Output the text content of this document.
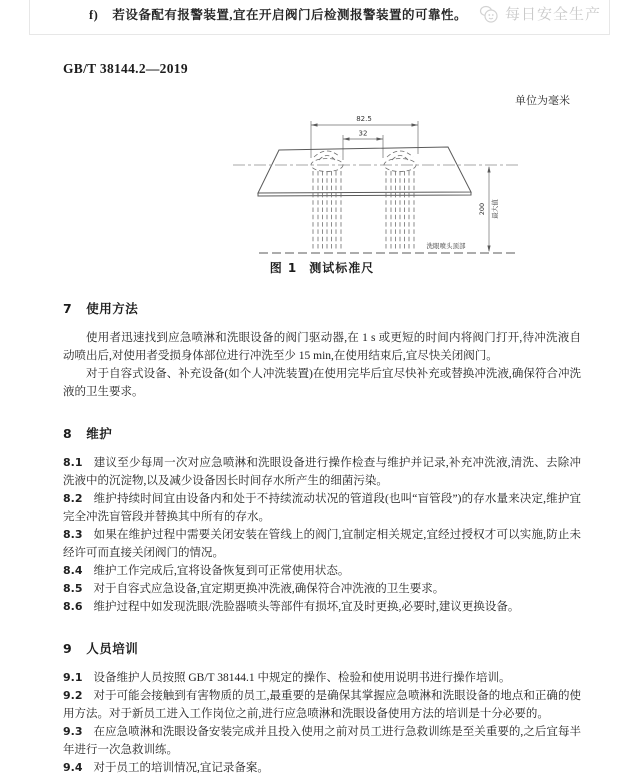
f) 若设备配有报警装置,宜在开启阀门后检测报警装置的可靠性。	每日安全生产
GB/T 38144.2—2019
单位为毫米
82.5
32
200 最大值
洗眼喷头顶部
图 1 测试标准尺
7 使用方法

使用者迅速找到应急喷淋和洗眼设备的阀门驱动器,在 1 s 或更短的时间内将阀门打开,待冲洗液自动喷出后,对使用者受损身体部位进行冲洗至少 15 min,在使用结束后,宜尽快关闭阀门。

对于自容式设备、补充设备(如个人冲洗装置)在使用完毕后宜尽快补充或替换冲洗液,确保符合冲洗液的卫生要求。

8 维护

8.1 建议至少每周一次对应急喷淋和洗眼设备进行操作检查与维护并记录,补充冲洗液,清洗、去除冲洗液中的沉淀物,以及减少设备因长时间存水所产生的细菌污染。

8.2 维护持续时间宜由设备内和处于不持续流动状况的管道段(也叫“盲管段”)的存水量来决定,维护宜完全冲洗盲管段并替换其中所有的存水。

8.3 如果在维护过程中需要关闭安装在管线上的阀门,宜制定相关规定,宜经过授权才可以实施,防止未经许可而直接关闭阀门的情况。

8.4 维护工作完成后,宜将设备恢复到可正常使用状态。

8.5 对于自容式应急设备,宜定期更换冲洗液,确保符合冲洗液的卫生要求。

8.6 维护过程中如发现洗眼/洗脸器喷头等部件有损坏,宜及时更换,必要时,建议更换设备。

9 人员培训

9.1 设备维护人员按照 GB/T 38144.1 中规定的操作、检验和使用说明书进行操作培训。

9.2 对于可能会接触到有害物质的员工,最重要的是确保其掌握应急喷淋和洗眼设备的地点和正确的使用方法。对于新员工进入工作岗位之前,进行应急喷淋和洗眼设备使用方法的培训是十分必要的。

9.3 在应急喷淋和洗眼设备安装完成并且投入使用之前对员工进行急救训练是至关重要的,之后宜每半年进行一次急救训练。

9.4 对于员工的培训情况,宜记录备案。
